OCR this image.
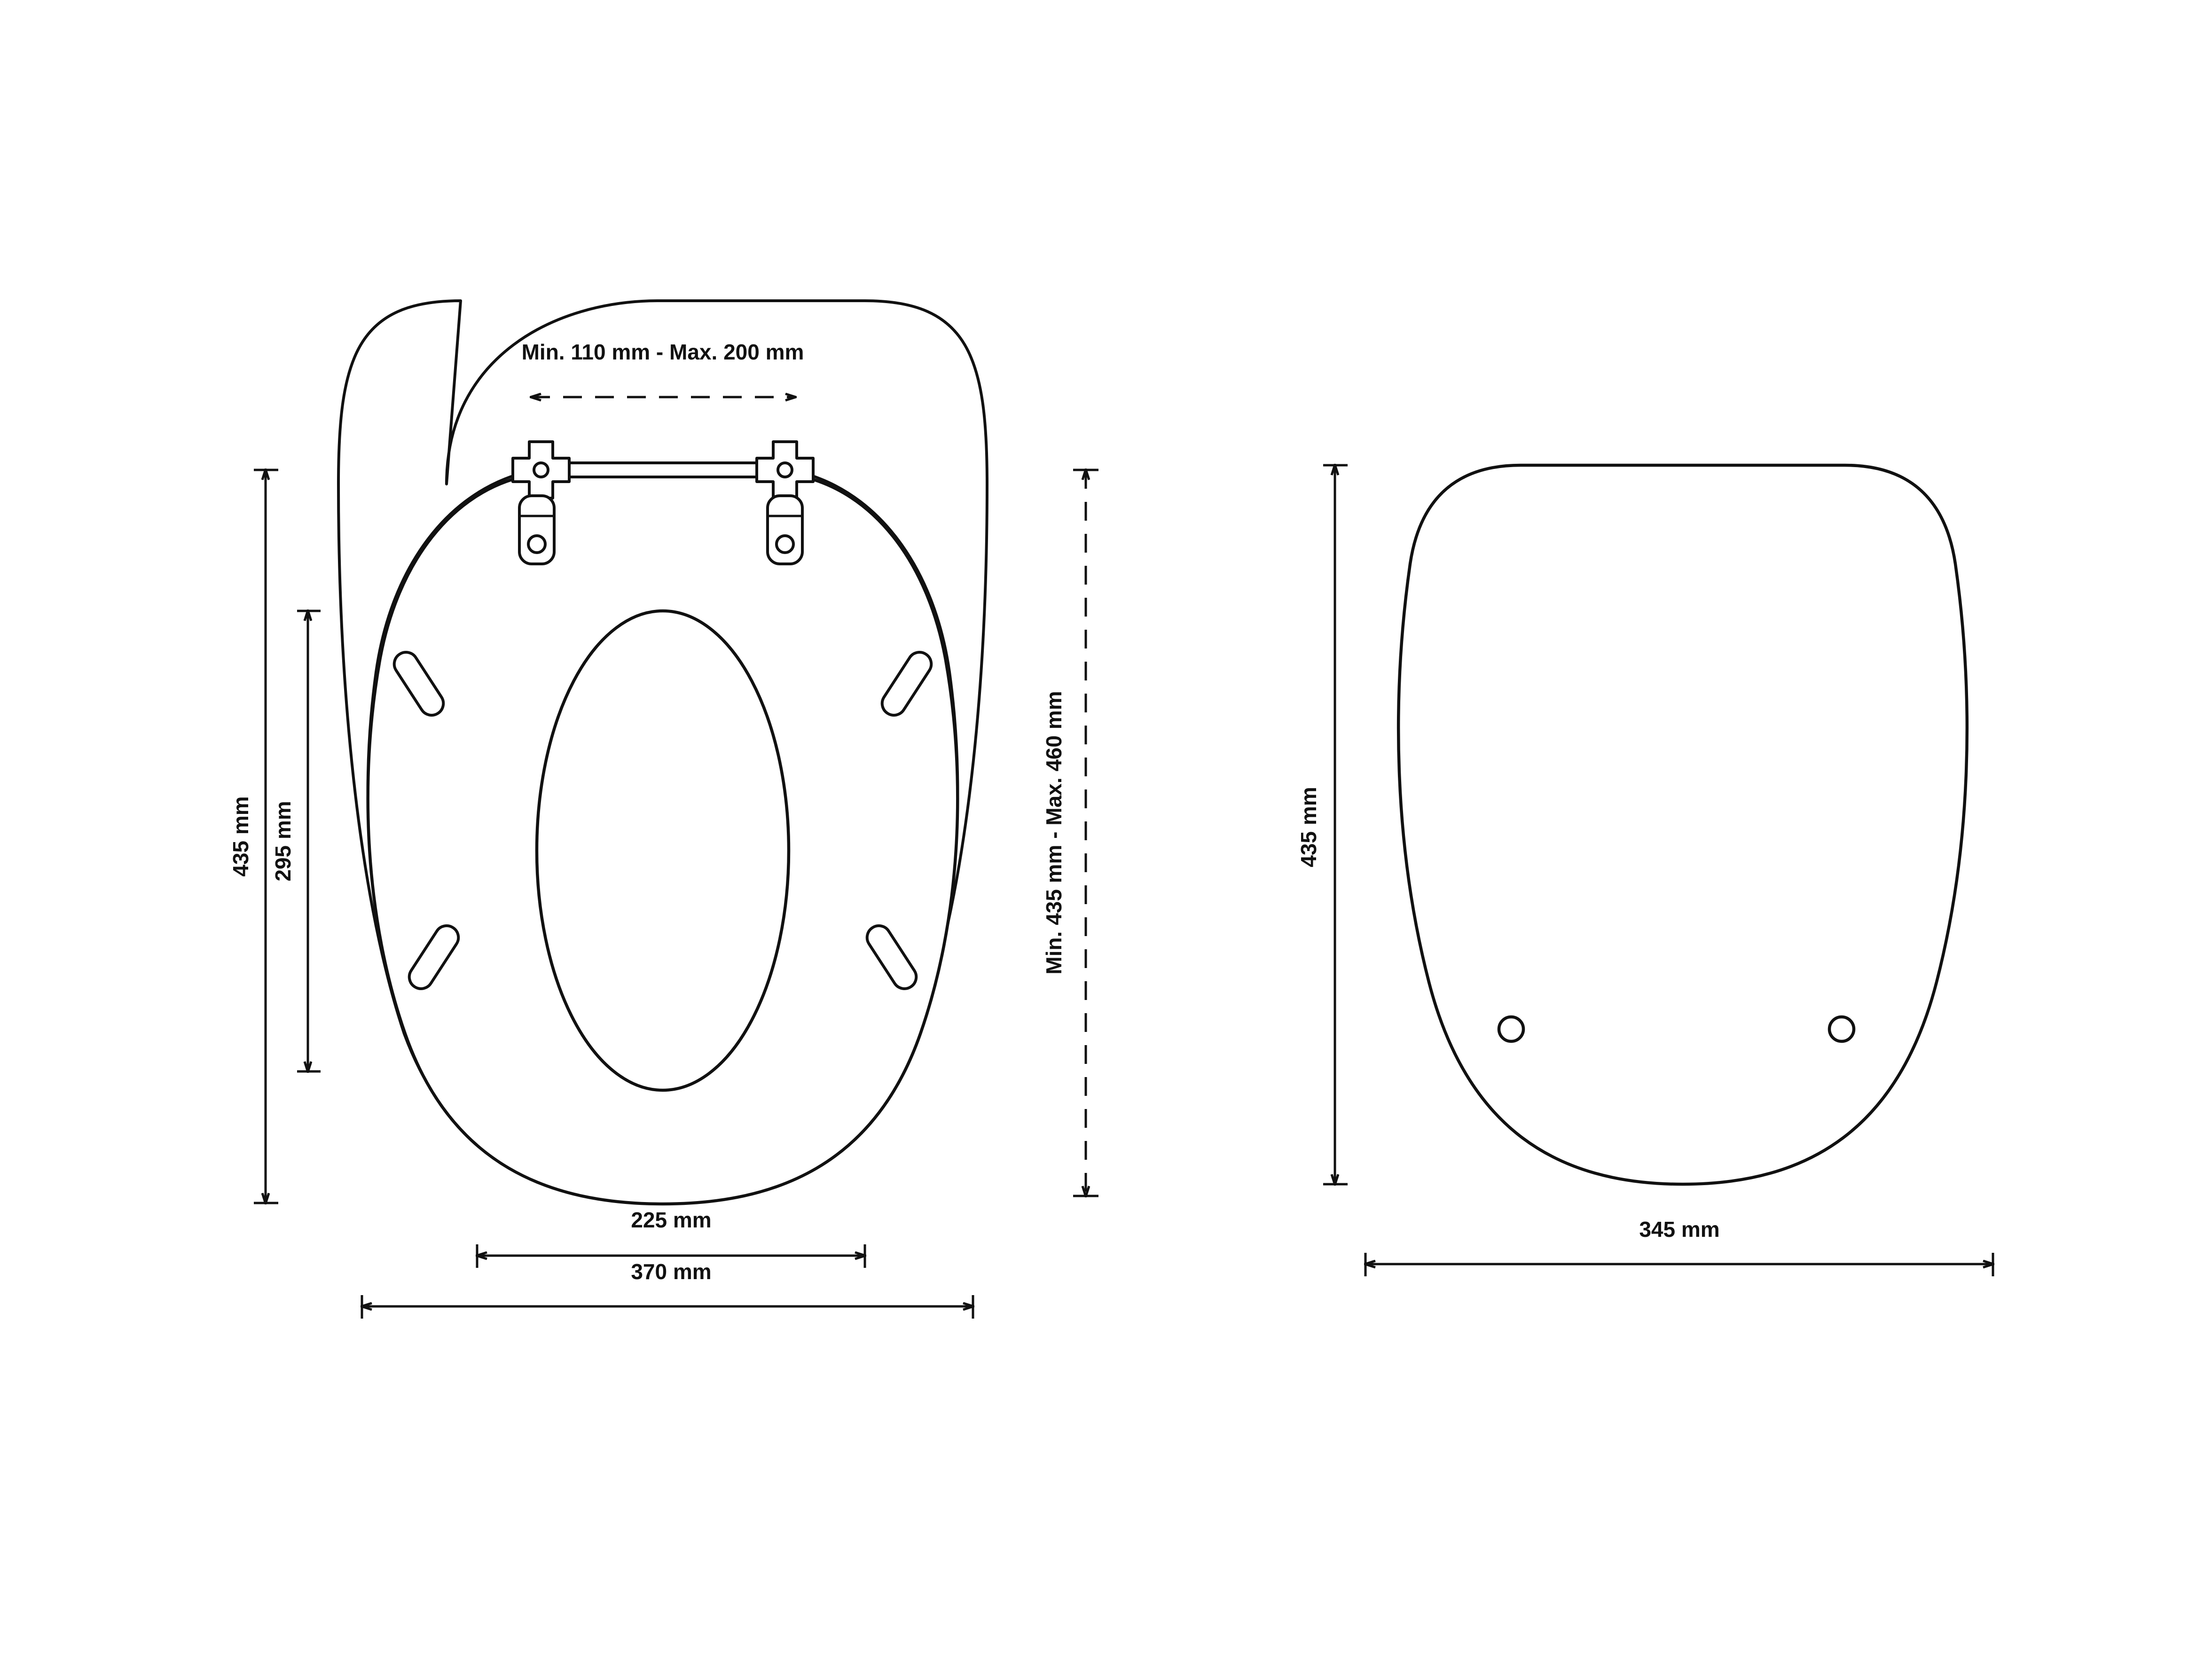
435 mm 295 mm
Min. 110 mm - Max. 200 mm
Min. 435 mm - Max. 460 mm
225 mm
370 mm
435 mm
345 mm
